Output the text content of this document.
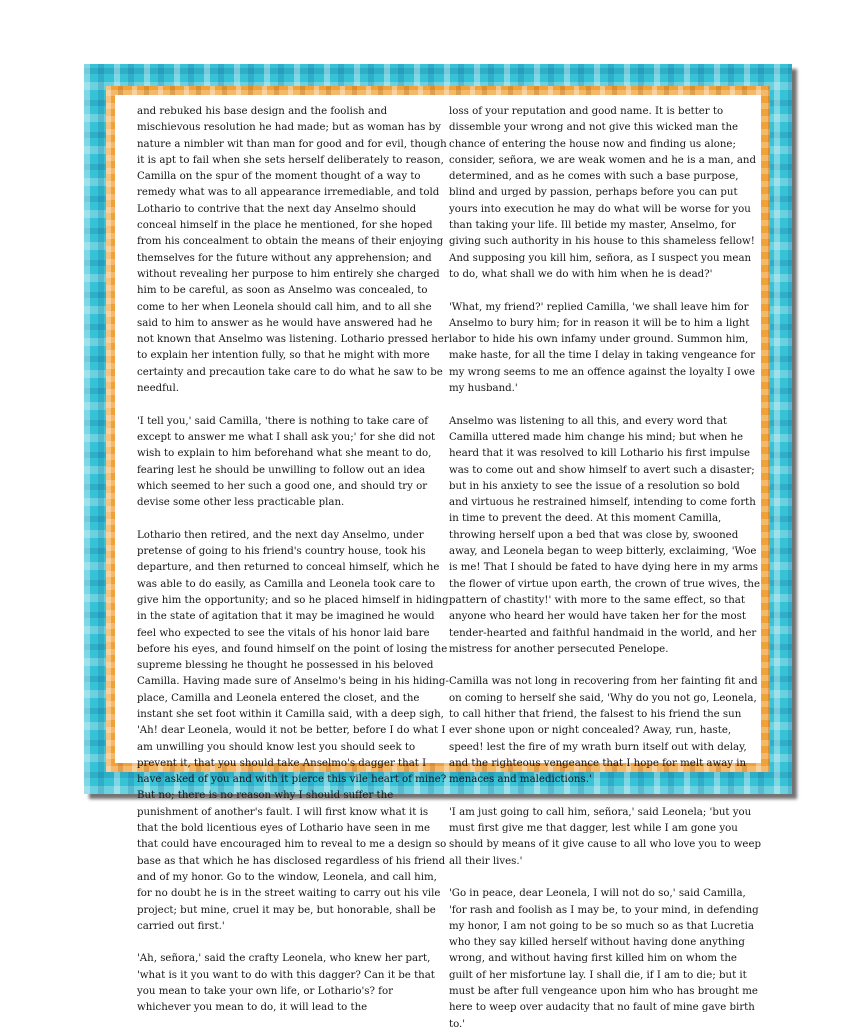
and rebuked his base design and the foolish and mischievous resolution he had made; but as woman has by nature a nimbler wit than man for good and for evil, though it is apt to fail when she sets herself deliberately to reason, Camilla on the spur of the moment thought of a way to remedy what was to all appearance irremediable, and told Lothario to contrive that the next day Anselmo should conceal himself in the place he mentioned, for she hoped from his concealment to obtain the means of their enjoying themselves for the future without any apprehension; and without revealing her purpose to him entirely she charged him to be careful, as soon as Anselmo was concealed, to come to her when Leonela should call him, and to all she said to him to answer as he would have answered had he not known that Anselmo was listening. Lothario pressed her to explain her intention fully, so that he might with more certainty and precaution take care to do what he saw to be needful.

'I tell you,' said Camilla, 'there is nothing to take care of except to answer me what I shall ask you;' for she did not wish to explain to him beforehand what she meant to do, fearing lest he should be unwilling to follow out an idea which seemed to her such a good one, and should try or devise some other less practicable plan.

Lothario then retired, and the next day Anselmo, under pretense of going to his friend's country house, took his departure, and then returned to conceal himself, which he was able to do easily, as Camilla and Leonela took care to give him the opportunity; and so he placed himself in hiding in the state of agitation that it may be imagined he would feel who expected to see the vitals of his honor laid bare before his eyes, and found himself on the point of losing the supreme blessing he thought he possessed in his beloved Camilla. Having made sure of Anselmo's being in his hiding-place, Camilla and Leonela entered the closet, and the instant she set foot within it Camilla said, with a deep sigh, 'Ah! dear Leonela, would it not be better, before I do what I am unwilling you should know lest you should seek to prevent it, that you should take Anselmo's dagger that I have asked of you and with it pierce this vile heart of mine? But no; there is no reason why I should suffer the punishment of another's fault. I will first know what it is that the bold licentious eyes of Lothario have seen in me that could have encouraged him to reveal to me a design so base as that which he has disclosed regardless of his friend and of my honor. Go to the window, Leonela, and call him, for no doubt he is in the street waiting to carry out his vile project; but mine, cruel it may be, but honorable, shall be carried out first.'

'Ah, señora,' said the crafty Leonela, who knew her part, 'what is it you want to do with this dagger? Can it be that you mean to take your own life, or Lothario's? for whichever you mean to do, it will lead to the

loss of your reputation and good name. It is better to dissemble your wrong and not give this wicked man the chance of entering the house now and finding us alone; consider, señora, we are weak women and he is a man, and determined, and as he comes with such a base purpose, blind and urged by passion, perhaps before you can put yours into execution he may do what will be worse for you than taking your life. Ill betide my master, Anselmo, for giving such authority in his house to this shameless fellow! And supposing you kill him, señora, as I suspect you mean to do, what shall we do with him when he is dead?'

'What, my friend?' replied Camilla, 'we shall leave him for Anselmo to bury him; for in reason it will be to him a light labor to hide his own infamy under ground. Summon him, make haste, for all the time I delay in taking vengeance for my wrong seems to me an offence against the loyalty I owe my husband.'

Anselmo was listening to all this, and every word that Camilla uttered made him change his mind; but when he heard that it was resolved to kill Lothario his first impulse was to come out and show himself to avert such a disaster; but in his anxiety to see the issue of a resolution so bold and virtuous he restrained himself, intending to come forth in time to prevent the deed. At this moment Camilla, throwing herself upon a bed that was close by, swooned away, and Leonela began to weep bitterly, exclaiming, 'Woe is me! That I should be fated to have dying here in my arms the flower of virtue upon earth, the crown of true wives, the pattern of chastity!' with more to the same effect, so that anyone who heard her would have taken her for the most tender-hearted and faithful handmaid in the world, and her mistress for another persecuted Penelope.

Camilla was not long in recovering from her fainting fit and on coming to herself she said, 'Why do you not go, Leonela, to call hither that friend, the falsest to his friend the sun ever shone upon or night concealed? Away, run, haste, speed! lest the fire of my wrath burn itself out with delay, and the righteous vengeance that I hope for melt away in menaces and maledictions.'

'I am just going to call him, señora,' said Leonela; 'but you must first give me that dagger, lest while I am gone you should by means of it give cause to all who love you to weep all their lives.'

'Go in peace, dear Leonela, I will not do so,' said Camilla, 'for rash and foolish as I may be, to your mind, in defending my honor, I am not going to be so much so as that Lucretia who they say killed herself without having done anything wrong, and without having first killed him on whom the guilt of her misfortune lay. I shall die, if I am to die; but it must be after full vengeance upon him who has brought me here to weep over audacity that no fault of mine gave birth to.'
